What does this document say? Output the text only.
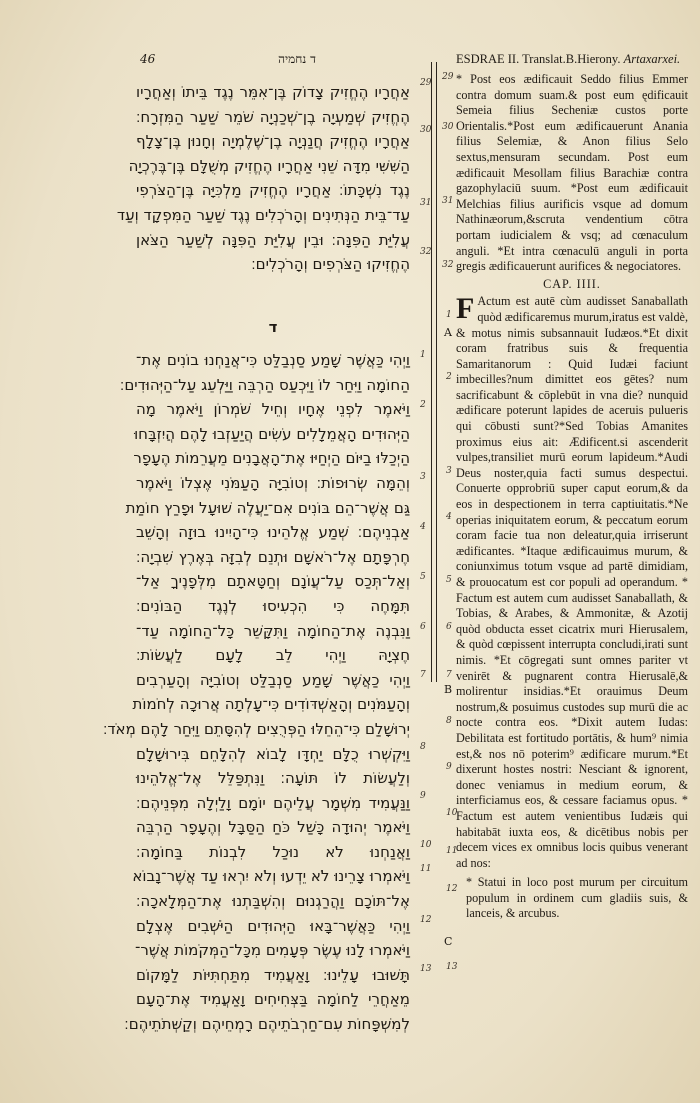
46	ד נחמיה	ESDRAE II. Translat.B.Hierony. Artaxarxei.
29
30
31
32
1
2
3
4
5
6
7
8
9
10
11
12
13
אַחֲרָיו הֶחֱזִיק צָדוֹק בֶּן־אִמֵּר נֶגֶד בֵּיתוֹ וְאַחֲרָיו
הֶחֱזִיק שְׁמַעְיָה בֶן־שְׁכַנְיָה שֹׁמֵר שַׁעַר הַמִּזְרָח׃
אַחֲרָיו הֶחֱזִיק חֲנַנְיָה בֶן־שֶׁלֶמְיָה וְחָנוּן בֶּן־צָלָף
הַשִּׁשִּׁי מִדָּה שֵׁנִי אַחֲרָיו הֶחֱזִיק מְשֻׁלָּם בֶּן־בֶּרֶכְיָה
נֶגֶד נִשְׁכָּתוֹ׃ אַחֲרָיו הֶחֱזִיק מַלְכִּיָּה בֶּן־הַצֹּרְפִי
עַד־בֵּית הַנְּתִינִים וְהָרֹכְלִים נֶגֶד שַׁעַר הַמִּפְקָד וְעַד
עֲלִיַּת הַפִּנָּה׃ וּבֵין עֲלִיַּת הַפִּנָּה לְשַׁעַר הַצֹּאן
הֶחֱזִיקוּ הַצֹּרְפִים וְהָרֹכְלִים׃
ד
וַיְהִי כַּאֲשֶׁר שָׁמַע סַנְבַלַּט כִּי־אֲנַחְנוּ בוֹנִים אֶת־
הַחוֹמָה וַיִּחַר לוֹ וַיִּכְעַס הַרְבֵּה וַיַּלְעֵג עַל־הַיְּהוּדִים׃
וַיֹּאמֶר לִפְנֵי אֶחָיו וְחֵיל שֹׁמְרוֹן וַיֹּאמֶר מָה
הַיְּהוּדִים הָאֲמֵלָלִים עֹשִׂים הֲיַעַזְבוּ לָהֶם הֲיִזְבָּחוּ
הַיְכַלּוּ בַיּוֹם הַיְחַיּוּ אֶת־הָאֲבָנִים מֵעֲרֵמוֹת הֶעָפָר
וְהֵמָּה שְׂרוּפוֹת׃ וְטוֹבִיָּה הָעַמֹּנִי אֶצְלוֹ וַיֹּאמֶר
גַּם אֲשֶׁר־הֵם בּוֹנִים אִם־יַעֲלֶה שׁוּעָל וּפָרַץ חוֹמַת
אַבְנֵיהֶם׃ שְׁמַע אֱלֹהֵינוּ כִּי־הָיִינוּ בוּזָה וְהָשֵׁב
חֶרְפָּתָם אֶל־רֹאשָׁם וּתְנֵם לְבִזָּה בְּאֶרֶץ שִׁבְיָה׃
וְאַל־תְּכַס עַל־עֲוֺנָם וְחַטָּאתָם מִלְּפָנֶיךָ אַל־
תִּמָּחֶה כִּי הִכְעִיסוּ לְנֶגֶד הַבּוֹנִים׃
וַנִּבְנֶה אֶת־הַחוֹמָה וַתִּקָּשֵׁר כָּל־הַחוֹמָה עַד־
חֶצְיָהּ וַיְהִי לֵב לָעָם לַעֲשׂוֹת׃
וַיְהִי כַאֲשֶׁר שָׁמַע סַנְבַלַּט וְטוֹבִיָּה וְהָעַרְבִים
וְהָעַמֹּנִים וְהָאַשְׁדּוֹדִים כִּי־עָלְתָה אֲרוּכָה לְחֹמוֹת
יְרוּשָׁלַ͏ִם כִּי־הֵחֵלּוּ הַפְּרֻצִים לְהִסָּתֵם וַיִּחַר לָהֶם מְאֹד׃
וַיִּקְשְׁרוּ כֻלָּם יַחְדָּו לָבוֹא לְהִלָּחֵם בִּירוּשָׁלָ͏ִם
וְלַעֲשׂוֹת לוֹ תּוֹעָה׃ וַנִּתְפַּלֵּל אֶל־אֱלֹהֵינוּ
וַנַּעֲמִיד מִשְׁמָר עֲלֵיהֶם יוֹמָם וָלַיְלָה מִפְּנֵיהֶם׃
וַיֹּאמֶר יְהוּדָה כָּשַׁל כֹּחַ הַסַּבָּל וְהֶעָפָר הַרְבֵּה
וַאֲנַחְנוּ לֹא נוּכַל לִבְנוֹת בַּחוֹמָה׃
וַיֹּאמְרוּ צָרֵינוּ לֹא יֵדְעוּ וְלֹא יִרְאוּ עַד אֲשֶׁר־נָבוֹא
אֶל־תּוֹכָם וַהֲרַגְנוּם וְהִשְׁבַּתְנוּ אֶת־הַמְּלָאכָה׃
וַיְהִי כַּאֲשֶׁר־בָּאוּ הַיְּהוּדִים הַיֹּשְׁבִים אֶצְלָם
וַיֹּאמְרוּ לָנוּ עֶשֶׂר פְּעָמִים מִכָּל־הַמְּקֹמוֹת אֲשֶׁר־
תָּשׁוּבוּ עָלֵינוּ׃ וָאַעֲמִיד מִתַּחְתִּיּוֹת לַמָּקוֹם
מֵאַחֲרֵי לַחוֹמָה בַּצְּחִיחִים וָאַעֲמִיד אֶת־הָעָם
לְמִשְׁפָּחוֹת עִם־חַרְבֹתֵיהֶם רָמְחֵיהֶם וְקַשְּׁתֹתֵיהֶם׃
29
30
31
32
1
2
3
4
5
6
7
8
9
10
11
12
13
A
B
C

* Post eos ædificauit Seddo filius Emmer contra domum suam.& post eum ędificauit Semeia filius Secheniæ custos porte Orientalis.*Post eum ædificauerunt Anania filius Selemiæ, & Anon filius Selo sextus,mensuram secundam. Post eum ædificauit Mesollam filius Barachiæ contra gazophylaciū suum. *Post eum ædificauit Melchias filius aurificis vsque ad domum Nathinæorum,&scruta vendentium cōtra portam iudicialem & vsq; ad cœnaculum anguli. *Et intra cœnaculū anguli in porta gregis ædificauerunt aurifices & negociatores.

CAP. IIII.

F Actum est autē cùm audisset Sanaballath quòd ædificaremus murum,iratus est valdè, & motus nimis subsannauit Iudæos.*Et dixit coram fratribus suis & frequentia Samaritanorum : Quid Iudæi faciunt imbecilles?num dimittet eos gētes? num sacrificabunt & cōplebūt in vna die? nunquid ædificare poterunt lapides de aceruis pulueris qui cōbusti sunt?*Sed Tobias Amanites proximus eius ait: Ædificent.si ascenderit vulpes,transiliet murū eorum lapideum.*Audi Deus noster,quia facti sumus despectui. Conuerte opprobriū super caput eorum,& da eos in despectionem in terra captiuitatis.*Ne operias iniquitatem eorum, & peccatum eorum coram facie tua non deleatur,quia irriserunt ædificantes. *Itaque ædificauimus murum, & coniunximus totum vsque ad partē dimidiam, & prouocatum est cor populi ad operandum. * Factum est autem cum audisset Sanaballath, & Tobias, & Arabes, & Ammonitæ, & Azotij quòd obducta esset cicatrix muri Hierusalem, & quòd cœpissent interrupta concludi,irati sunt nimis. *Et cōgregati sunt omnes pariter vt venirēt & pugnarent contra Hierusalē,& molirentur insidias.*Et orauimus Deum nostrum,& posuimus custodes sup murū die ac nocte contra eos. *Dixit autem Iudas: Debilitata est fortitudo portātis, & hum⁹ nimia est,& nos nō poterim⁹ ædificare murum.*Et dixerunt hostes nostri: Nesciant & ignorent, donec veniamus in medium eorum, & interficiamus eos, & cessare faciamus opus. * Factum est autem venientibus Iudæis qui habitabāt iuxta eos, & dicētibus nobis per decem vices ex omnibus locis quibus venerant ad nos:

* Statui in loco post murum per circuitum populum in ordinem cum gladiis suis, & lanceis, & arcubus.
